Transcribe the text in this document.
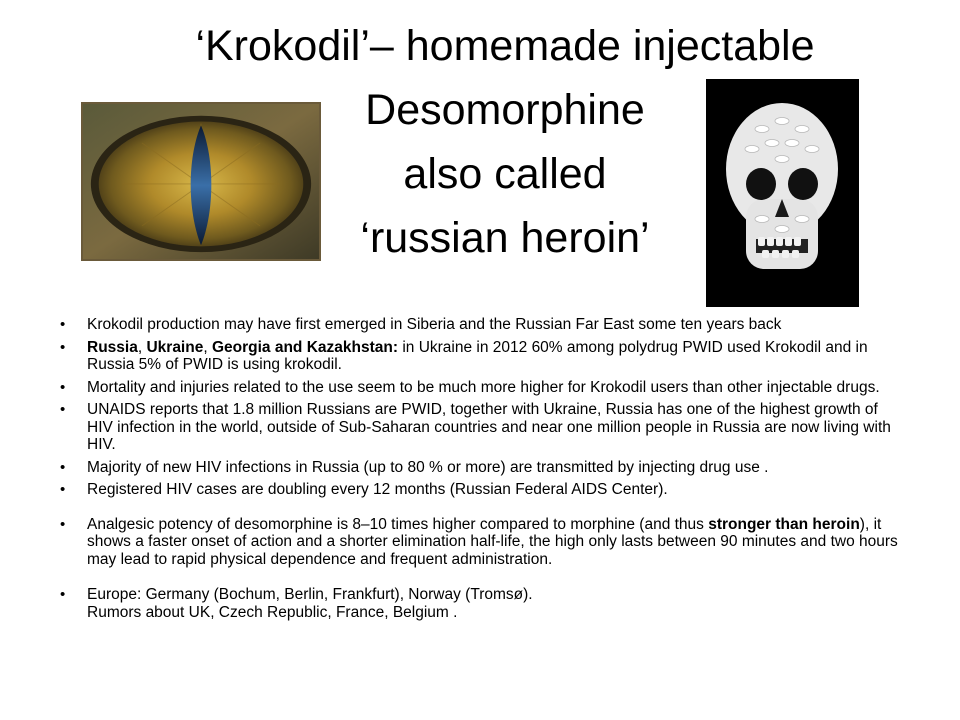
‘Krokodil’– homemade injectable
Desomorphine
also called
‘russian heroin’
• Krokodil production may have first emerged in Siberia and the Russian Far East some ten years back
• Russia, Ukraine, Georgia and Kazakhstan: in Ukraine in 2012 60% among polydrug PWID used Krokodil and in Russia 5% of PWID is using krokodil.
• Mortality and injuries related to the use seem to be much more higher for Krokodil users than other injectable drugs.
• UNAIDS reports that 1.8 million Russians are PWID, together with Ukraine, Russia has one of the highest growth of HIV infection in the world, outside of Sub-Saharan countries and near one million people in Russia are now living with HIV.
• Majority of new HIV infections in Russia (up to 80 % or more) are transmitted by injecting drug use .
• Registered HIV cases are doubling every 12 months (Russian Federal AIDS Center).
• Analgesic potency of desomorphine is 8–10 times higher compared to morphine (and thus stronger than heroin), it shows a faster onset of action and a shorter elimination half-life, the high only lasts between 90 minutes and two hours may lead to rapid physical dependence and frequent administration.
• Europe: Germany (Bochum, Berlin, Frankfurt), Norway (Tromsø).
Rumors about UK, Czech Republic, France, Belgium .
